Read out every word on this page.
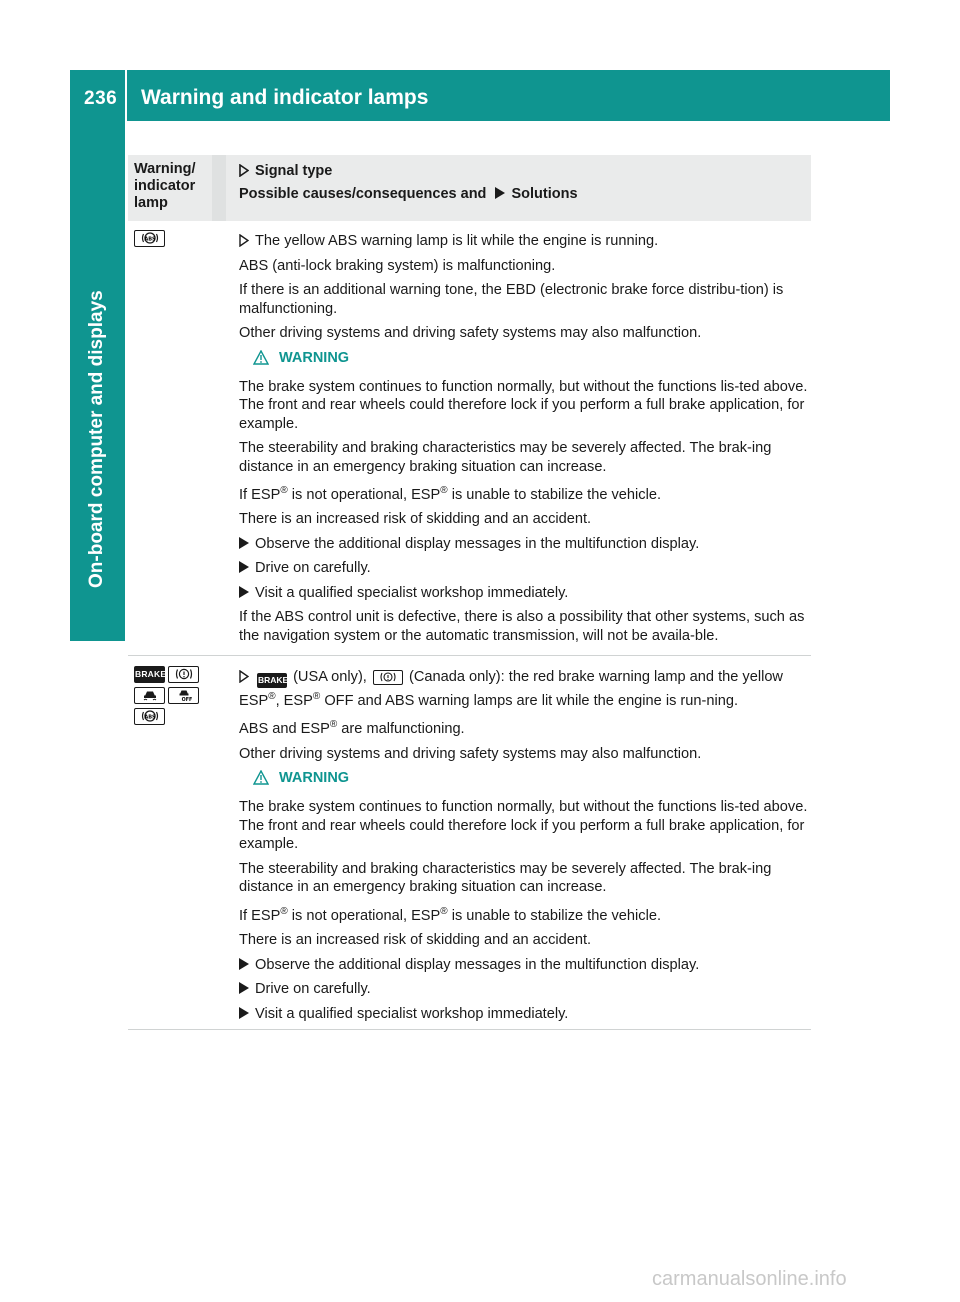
236 Warning and indicator lamps
On-board computer and displays
Warning/ indicator lamp
Signal type
Possible causes/consequences and Solutions
ABS	The yellow ABS warning lamp is lit while the engine is running.
ABS (anti-lock braking system) is malfunctioning.
If there is an additional warning tone, the EBD (electronic brake force distribu-tion) is malfunctioning.
Other driving systems and driving safety systems may also malfunction.
WARNING
The brake system continues to function normally, but without the functions lis-ted above. The front and rear wheels could therefore lock if you perform a full brake application, for example.
The steerability and braking characteristics may be severely affected. The brak-ing distance in an emergency braking situation can increase.
If ESP® is not operational, ESP® is unable to stabilize the vehicle.
There is an increased risk of skidding and an accident.
Observe the additional display messages in the multifunction display.
Drive on carefully.
Visit a qualified specialist workshop immediately.
If the ABS control unit is defective, there is also a possibility that other systems, such as the navigation system or the automatic transmission, will not be availa-ble.
BRAKE

OFF

ABS
BRAKE (USA only),	(Canada only): the red brake warning lamp and the yellow ESP®, ESP® OFF and ABS warning lamps are lit while the engine is run-ning.
ABS and ESP® are malfunctioning.
Other driving systems and driving safety systems may also malfunction.
WARNING
The brake system continues to function normally, but without the functions lis-ted above. The front and rear wheels could therefore lock if you perform a full brake application, for example.
The steerability and braking characteristics may be severely affected. The brak-ing distance in an emergency braking situation can increase.
If ESP® is not operational, ESP® is unable to stabilize the vehicle.
There is an increased risk of skidding and an accident.
Observe the additional display messages in the multifunction display.
Drive on carefully.
Visit a qualified specialist workshop immediately.
carmanualsonline.info
